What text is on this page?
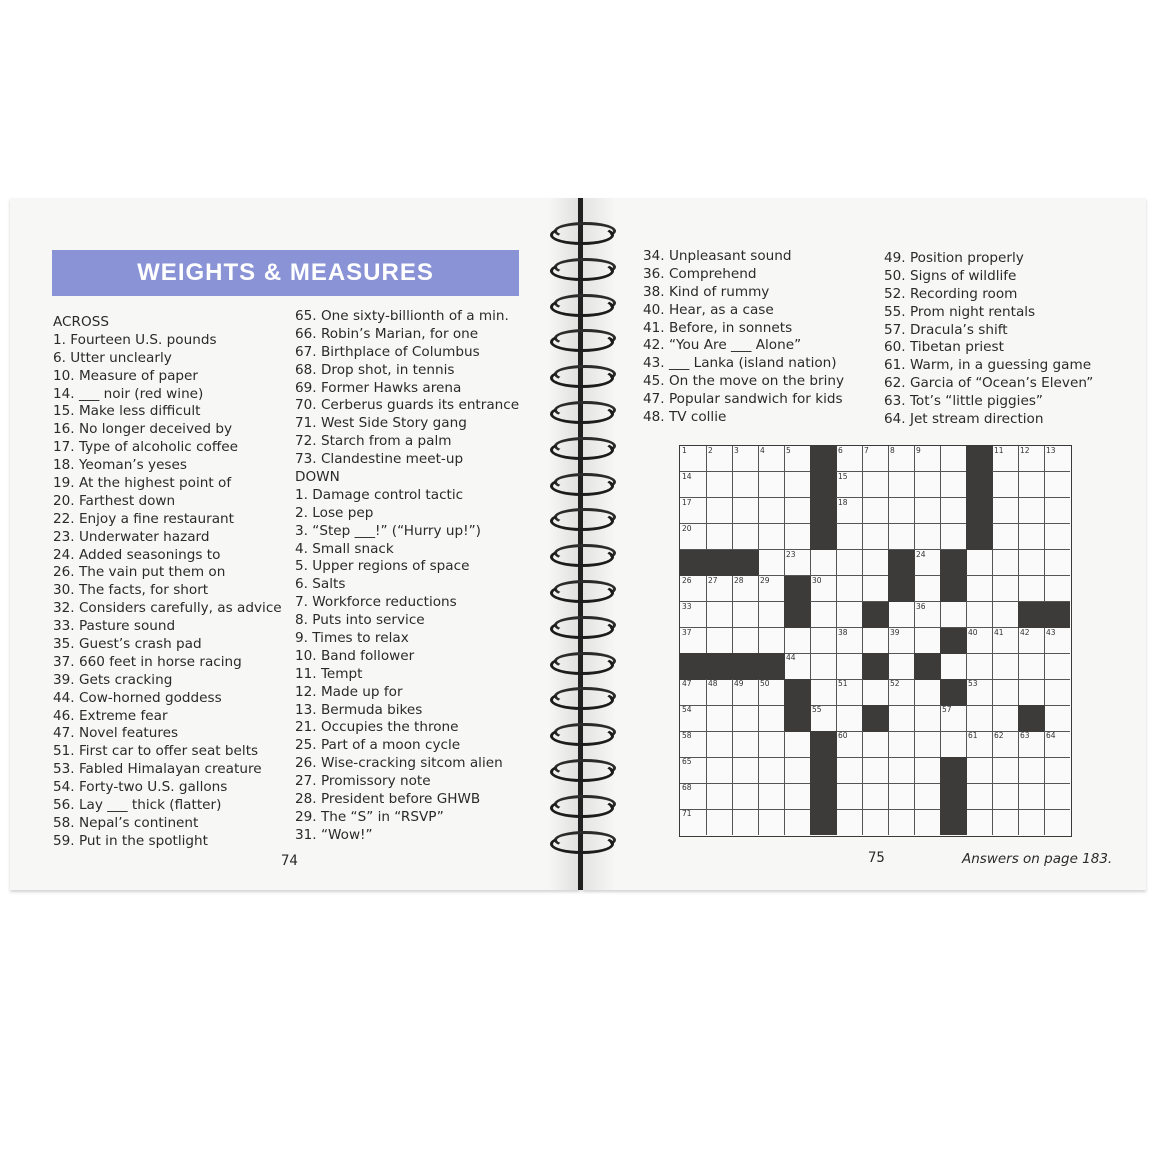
WEIGHTS & MEASURES
ACROSS
1. Fourteen U.S. pounds
6. Utter unclearly
10. Measure of paper
14. ___ noir (red wine)
15. Make less difficult
16. No longer deceived by
17. Type of alcoholic coffee
18. Yeoman’s yeses
19. At the highest point of
20. Farthest down
22. Enjoy a fine restaurant
23. Underwater hazard
24. Added seasonings to
26. The vain put them on
30. The facts, for short
32. Considers carefully, as advice
33. Pasture sound
35. Guest’s crash pad
37. 660 feet in horse racing
39. Gets cracking
44. Cow-horned goddess
46. Extreme fear
47. Novel features
51. First car to offer seat belts
53. Fabled Himalayan creature
54. Forty-two U.S. gallons
56. Lay ___ thick (flatter)
58. Nepal’s continent
59. Put in the spotlight
65. One sixty-billionth of a min.
66. Robin’s Marian, for one
67. Birthplace of Columbus
68. Drop shot, in tennis
69. Former Hawks arena
70. Cerberus guards its entrance
71. West Side Story gang
72. Starch from a palm
73. Clandestine meet-up
DOWN
1. Damage control tactic
2. Lose pep
3. “Step ___!” (“Hurry up!”)
4. Small snack
5. Upper regions of space
6. Salts
7. Workforce reductions
8. Puts into service
9. Times to relax
10. Band follower
11. Tempt
12. Made up for
13. Bermuda bikes
21. Occupies the throne
25. Part of a moon cycle
26. Wise-cracking sitcom alien
27. Promissory note
28. President before GHWB
29. The “S” in “RSVP”
31. “Wow!”
74
34. Unpleasant sound
36. Comprehend
38. Kind of rummy
40. Hear, as a case
41. Before, in sonnets
42. “You Are ___ Alone”
43. ___ Lanka (island nation)
45. On the move on the briny
47. Popular sandwich for kids
48. TV collie
49. Position properly
50. Signs of wildlife
52. Recording room
55. Prom night rentals
57. Dracula’s shift
60. Tibetan priest
61. Warm, in a guessing game
62. Garcia of “Ocean’s Eleven”
63. Tot’s “little piggies”
64. Jet stream direction
75	Answers on page 183.
1	2	3	4	5	6	7	8	9	11 12 13
14	15
17	18
20
23	24
26 27 28 29	30
33	36
37	38	39	40 41 42 43
44
47 48 49 50	51	52	53
54	55	57
58	60	61 62 63 64
65
68
71
